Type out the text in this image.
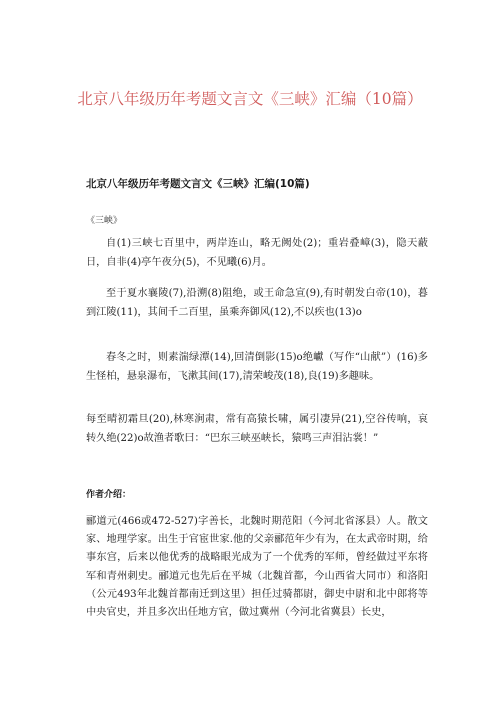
北京八年级历年考题文言文《三峡》汇编（10篇）
北京八年级历年考题文言文《三峡》汇编(10篇)
《三峡》

自(1)三峡七百里中，两岸连山，略无阙处(2)；重岩叠嶂(3)，隐天蔽日，自非(4)亭午夜分(5)，不见曦(6)月。

至于夏水襄陵(7),沿溯(8)阻绝，或王命急宣(9),有时朝发白帝(10)，暮到江陵(11)，其间千二百里，虽乘奔御风(12),不以疾也(13)o

春冬之时，则素湍绿潭(14),回清倒影(15)o绝巘（写作“山献”）(16)多生怪柏，悬泉瀑布，飞漱其间(17),清荣峻茂(18),良(19)多趣味。

每至晴初霜旦(20),林寒涧肃，常有高猿长啸，属引凄异(21),空谷传响，哀转久绝(22)o故渔者歌曰：“巴东三峡巫峡长，猿鸣三声泪沾裳！”

作者介绍：

郦道元(466或472-527)字善长，北魏时期范阳（今河北省涿县）人。散文家、地理学家。出生于官宦世家.他的父亲郦范年少有为，在太武帝时期，给事东宫，后来以他优秀的战略眼光成为了一个优秀的军师，曾经做过平东将军和青州刺史。郦道元也先后在平城（北魏首都，今山西省大同市）和洛阳（公元493年北魏首都南迁到这里）担任过骑都尉，御史中尉和北中郎将等中央官史，并且多次出任地方官，做过冀州（今河北省冀县）长史，
